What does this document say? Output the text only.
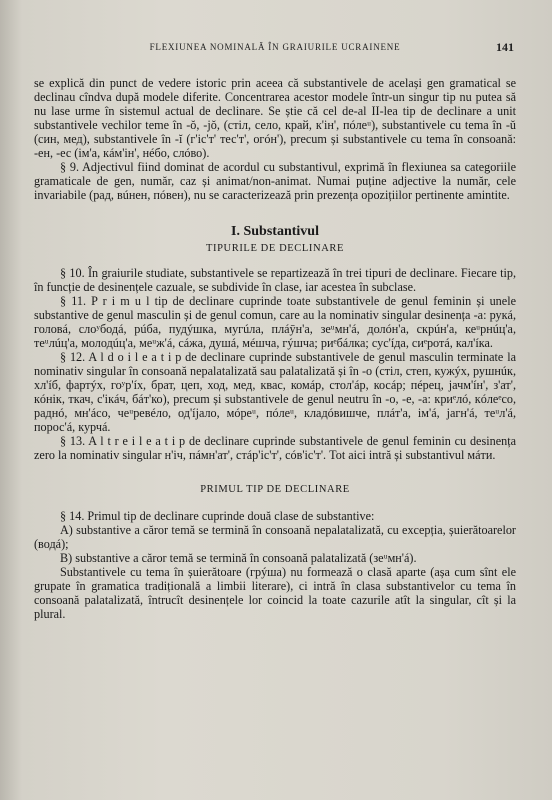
FLEXIUNEA NOMINALĂ ÎN GRAIURILE UCRAINENE	141

se explică din punct de vedere istoric prin aceea că substantivele de același gen gramatical se declinau cîndva după modele diferite. Concentrarea acestor modele într-un singur tip nu putea să nu lase urme în sistemul actual de declinare. Se știe că cel de-al II-lea tip de declinare a unit substantivele vechilor teme în -ŏ, -jŏ, (стіл, село, край, к'ін', пóлеᵘ), substantivele cu tema în -ŭ (син, мед), substantivele în -ĭ (г'іс'т' тес'т', огóн'), precum și substantivele cu tema în consoană: -ен, -ес (ім'а, кáм'ін', нéбо, слóво).

§ 9. Adjectivul fiind dominat de acordul cu substantivul, exprimă în flexiunea sa categoriile gramaticale de gen, număr, caz și animat/non-animat. Numai puține adjective la număr, cele invariabile (рад, вúнен, пóвен), nu se caracterizează prin prezența opozițiilor pertinente amintite.

I. Substantivul
TIPURILE DE DECLINARE

§ 10. În graiurile studiate, substantivele se repartizează în trei tipuri de declinare. Fiecare tip, în funcție de desinențele cazuale, se subdivide în clase, iar acestea în subclase.

§ 11. P r i m u l tip de declinare cuprinde toate substantivele de genul feminin și unele substantive de genul masculin și de genul comun, care au la nominativ singular desinența -a: рукá, головá, слоʸбодá, рúба, пудýшка, мугúла, плáӯн'а, зеᵘмн'á, долóн'а, скрúн'а, кеᵘрнúц'а, теᵘлúц'а, молодúц'а, меᵘж'á, сáжа, душá, мéшча, гýшча; риᵉбáлка; сус'íда, сиᵉротá, кал'íка.

§ 12. A l d o i l e a t i p de declinare cuprinde substantivele de genul masculin terminate la nominativ singular în consoană nepalatalizată sau palatalizată și în -o (стіл, степ, кужýх, рушнúк, хл'íб, фартýх, гоʸр'íх, брат, цеп, ход, мед, квас, комáр, стол'áр, косáр; пéрец, јачм'íн', з'ат', кóнік, ткач, с'ікáч, бáт'ко), precum și substantivele de genul neutru în -o, -e, -a: криᵉлó, кóлеᵉсо, раднó, мн'áсо, чеᵘревéло, од'íјало, мóреᵘ, пóлеᵘ, кладóвишче, плáт'а, ім'á, јагн'á, теᵘл'á, порос'á, курчá.

§ 13. A l t r e i l e a t i p de declinare cuprinde substantivele de genul feminin cu desinența zero la nominativ singular н'іч, пáмн'ат', стáр'іс'т', сóв'іс'т'. Tot aici intră și substantivul мáти.

PRIMUL TIP DE DECLINARE

§ 14. Primul tip de declinare cuprinde două clase de substantive:

A) substantive a căror temă se termină în consoană nepalatalizată, cu excepția, șuierătoarelor (водá);

B) substantive a căror temă se termină în consoană palatalizată (зеᵘмн'á).

Substantivele cu tema în șuierătoare (грýша) nu formează o clasă aparte (așa cum sînt ele grupate în gramatica tradițională a limbii literare), ci intră în clasa substantivelor cu tema în consoană palatalizată, întrucît desinențele lor coincid la toate cazurile atît la singular, cît și la plural.
